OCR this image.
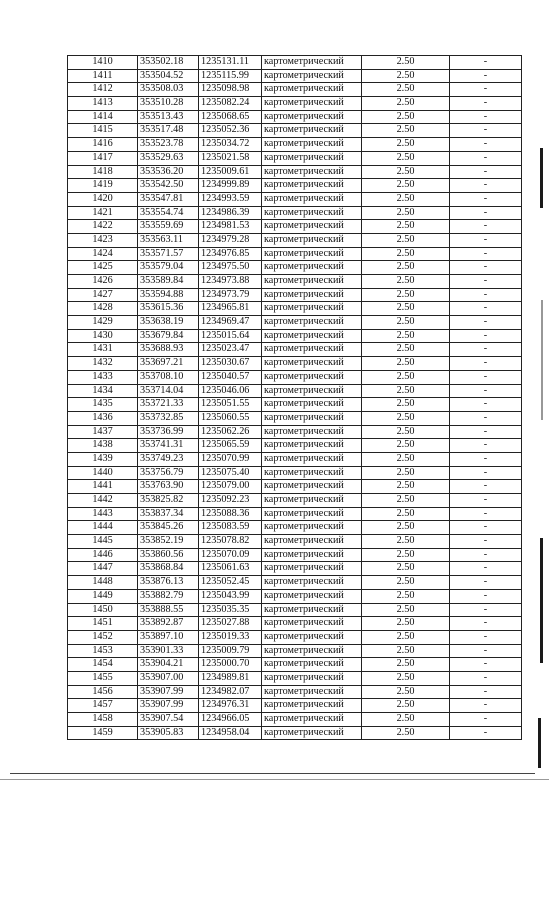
1410	353502.18	1235131.11	картометрический	2.50	-
1411	353504.52	1235115.99	картометрический	2.50	-
1412	353508.03	1235098.98	картометрический	2.50	-
1413	353510.28	1235082.24	картометрический	2.50	-
1414	353513.43	1235068.65	картометрический	2.50	-
1415	353517.48	1235052.36	картометрический	2.50	-
1416	353523.78	1235034.72	картометрический	2.50	-
1417	353529.63	1235021.58	картометрический	2.50	-
1418	353536.20	1235009.61	картометрический	2.50	-
1419	353542.50	1234999.89	картометрический	2.50	-
1420	353547.81	1234993.59	картометрический	2.50	-
1421	353554.74	1234986.39	картометрический	2.50	-
1422	353559.69	1234981.53	картометрический	2.50	-
1423	353563.11	1234979.28	картометрический	2.50	-
1424	353571.57	1234976.85	картометрический	2.50	-
1425	353579.04	1234975.50	картометрический	2.50	-
1426	353589.84	1234973.88	картометрический	2.50	-
1427	353594.88	1234973.79	картометрический	2.50	-
1428	353615.36	1234965.81	картометрический	2.50	-
1429	353638.19	1234969.47	картометрический	2.50	-
1430	353679.84	1235015.64	картометрический	2.50	-
1431	353688.93	1235023.47	картометрический	2.50	-
1432	353697.21	1235030.67	картометрический	2.50	-
1433	353708.10	1235040.57	картометрический	2.50	-
1434	353714.04	1235046.06	картометрический	2.50	-
1435	353721.33	1235051.55	картометрический	2.50	-
1436	353732.85	1235060.55	картометрический	2.50	-
1437	353736.99	1235062.26	картометрический	2.50	-
1438	353741.31	1235065.59	картометрический	2.50	-
1439	353749.23	1235070.99	картометрический	2.50	-
1440	353756.79	1235075.40	картометрический	2.50	-
1441	353763.90	1235079.00	картометрический	2.50	-
1442	353825.82	1235092.23	картометрический	2.50	-
1443	353837.34	1235088.36	картометрический	2.50	-
1444	353845.26	1235083.59	картометрический	2.50	-
1445	353852.19	1235078.82	картометрический	2.50	-
1446	353860.56	1235070.09	картометрический	2.50	-
1447	353868.84	1235061.63	картометрический	2.50	-
1448	353876.13	1235052.45	картометрический	2.50	-
1449	353882.79	1235043.99	картометрический	2.50	-
1450	353888.55	1235035.35	картометрический	2.50	-
1451	353892.87	1235027.88	картометрический	2.50	-
1452	353897.10	1235019.33	картометрический	2.50	-
1453	353901.33	1235009.79	картометрический	2.50	-
1454	353904.21	1235000.70	картометрический	2.50	-
1455	353907.00	1234989.81	картометрический	2.50	-
1456	353907.99	1234982.07	картометрический	2.50	-
1457	353907.99	1234976.31	картометрический	2.50	-
1458	353907.54	1234966.05	картометрический	2.50	-
1459	353905.83	1234958.04	картометрический	2.50	-
